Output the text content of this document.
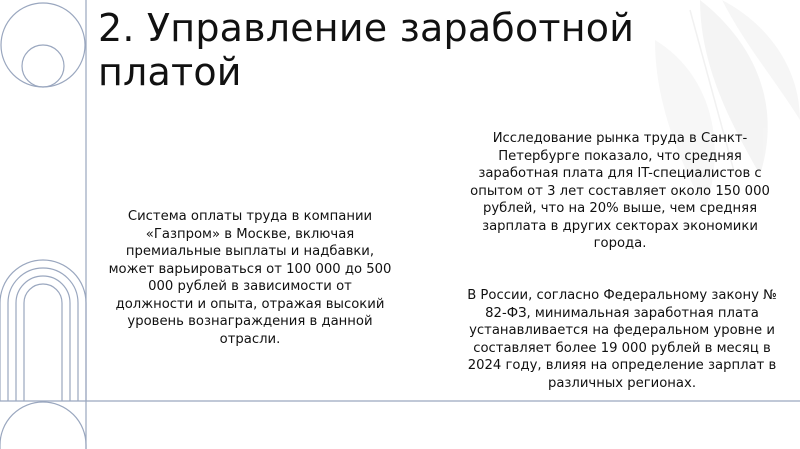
2. Управление заработной
платой

Система оплаты труда в компании
«Газпром» в Москве, включая
премиальные выплаты и надбавки,
может варьироваться от 100 000 до 500
000 рублей в зависимости от
должности и опыта, отражая высокий
уровень вознаграждения в данной
отрасли.

Исследование рынка труда в Санкт-
Петербурге показало, что средняя
заработная плата для IT-специалистов с
опытом от 3 лет составляет около 150 000
рублей, что на 20% выше, чем средняя
зарплата в других секторах экономики
города.

В России, согласно Федеральному закону №
82-ФЗ, минимальная заработная плата
устанавливается на федеральном уровне и
составляет более 19 000 рублей в месяц в
2024 году, влияя на определение зарплат в
различных регионах.
